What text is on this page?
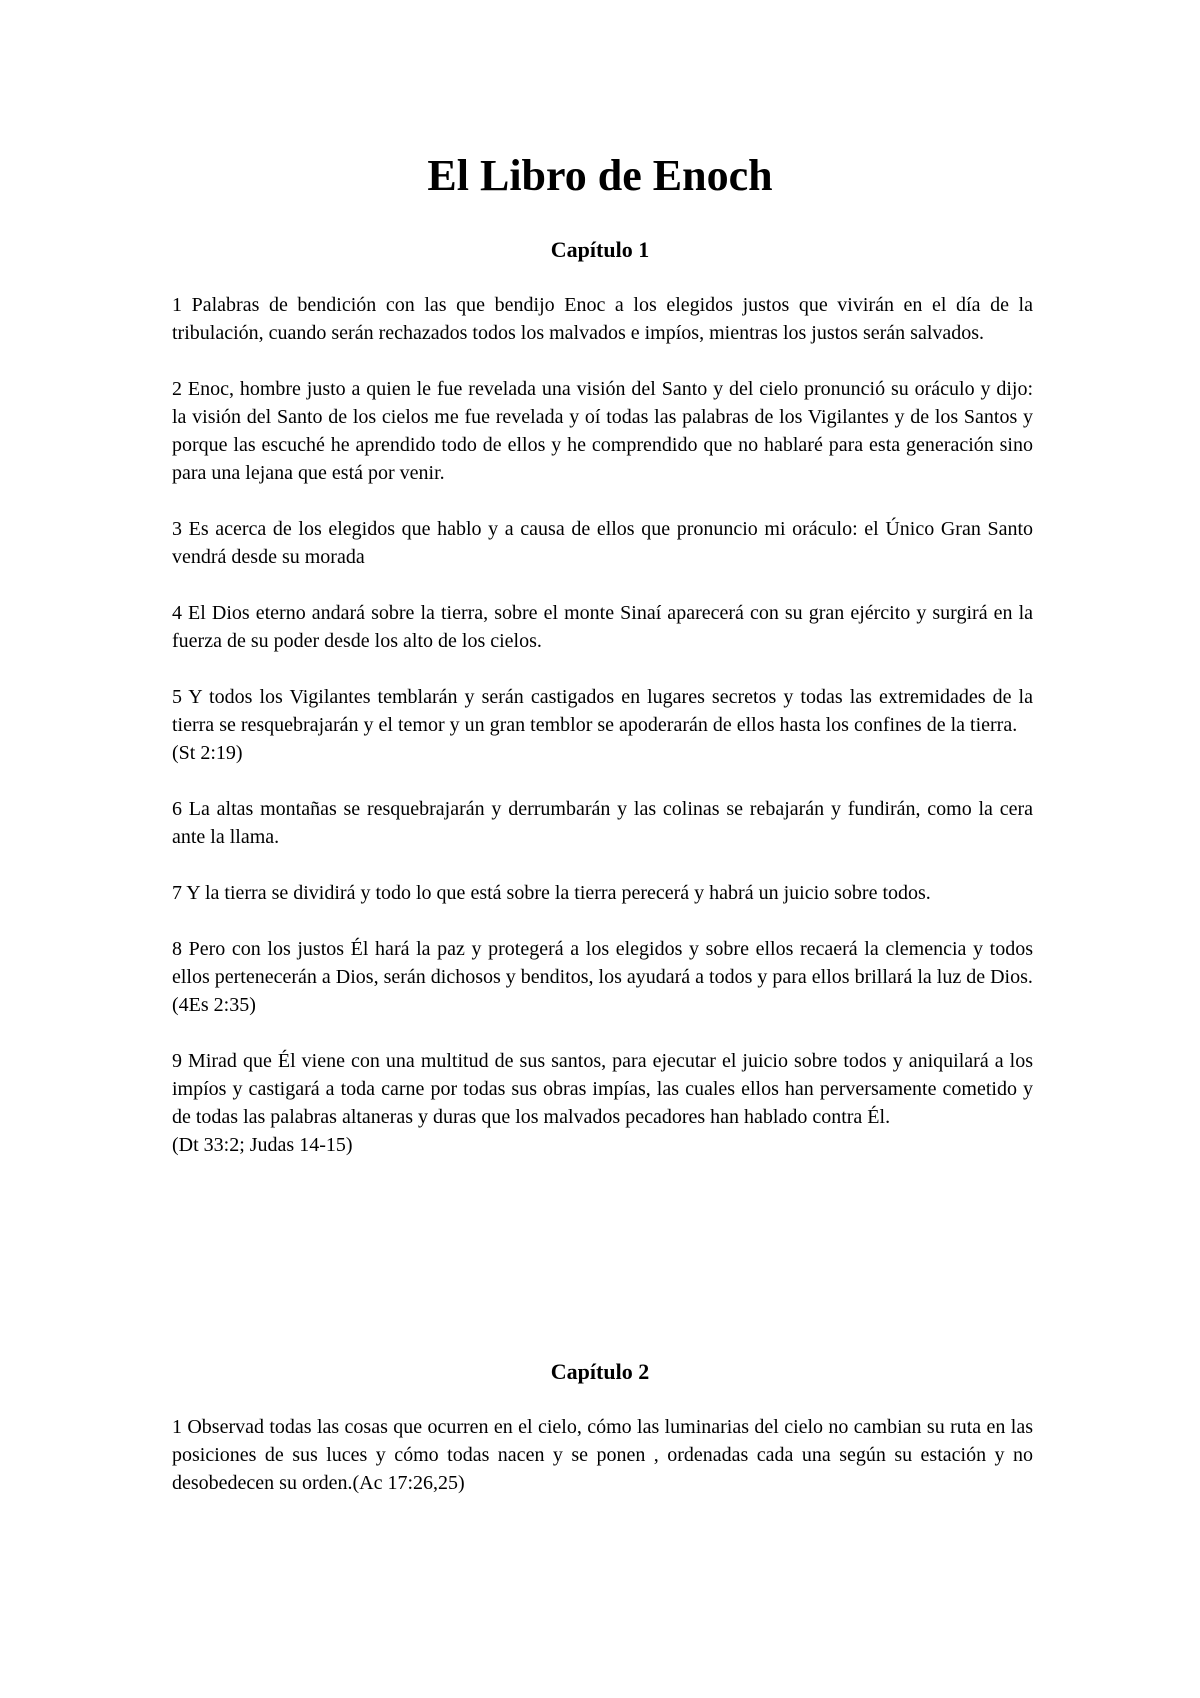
El Libro de Enoch
Capítulo 1

1 Palabras de bendición con las que bendijo Enoc a los elegidos justos que vivirán en el día de la tribulación, cuando serán rechazados todos los malvados e impíos, mientras los justos serán salvados.

2 Enoc, hombre justo a quien le fue revelada una visión del Santo y del cielo pronunció su oráculo y dijo: la visión del Santo de los cielos me fue revelada y oí todas las palabras de los Vigilantes y de los Santos y porque las escuché he aprendido todo de ellos y he comprendido que no hablaré para esta generación sino para una lejana que está por venir.

3 Es acerca de los elegidos que hablo y a causa de ellos que pronuncio mi oráculo: el Único Gran Santo vendrá desde su morada

4 El Dios eterno andará sobre la tierra, sobre el monte Sinaí aparecerá con su gran ejército y surgirá en la fuerza de su poder desde los alto de los cielos.

5 Y todos los Vigilantes temblarán y serán castigados en lugares secretos y todas las extremidades de la tierra se resquebrajarán y el temor y un gran temblor se apoderarán de ellos hasta los confines de la tierra.
(St 2:19)

6 La altas montañas se resquebrajarán y derrumbarán y las colinas se rebajarán y fundirán, como la cera ante la llama.

7 Y la tierra se dividirá y todo lo que está sobre la tierra perecerá y habrá un juicio sobre todos.

8 Pero con los justos Él hará la paz y protegerá a los elegidos y sobre ellos recaerá la clemencia y todos ellos pertenecerán a Dios, serán dichosos y benditos, los ayudará a todos y para ellos brillará la luz de Dios.
(4Es 2:35)

9 Mirad que Él viene con una multitud de sus santos, para ejecutar el juicio sobre todos y aniquilará a los impíos y castigará a toda carne por todas sus obras impías, las cuales ellos han perversamente cometido y de todas las palabras altaneras y duras que los malvados pecadores han hablado contra Él.
(Dt 33:2; Judas 14-15)

Capítulo 2

1 Observad todas las cosas que ocurren en el cielo, cómo las luminarias del cielo no cambian su ruta en las posiciones de sus luces y cómo todas nacen y se ponen , ordenadas cada una según su estación y no desobedecen su orden.(Ac 17:26,25)
